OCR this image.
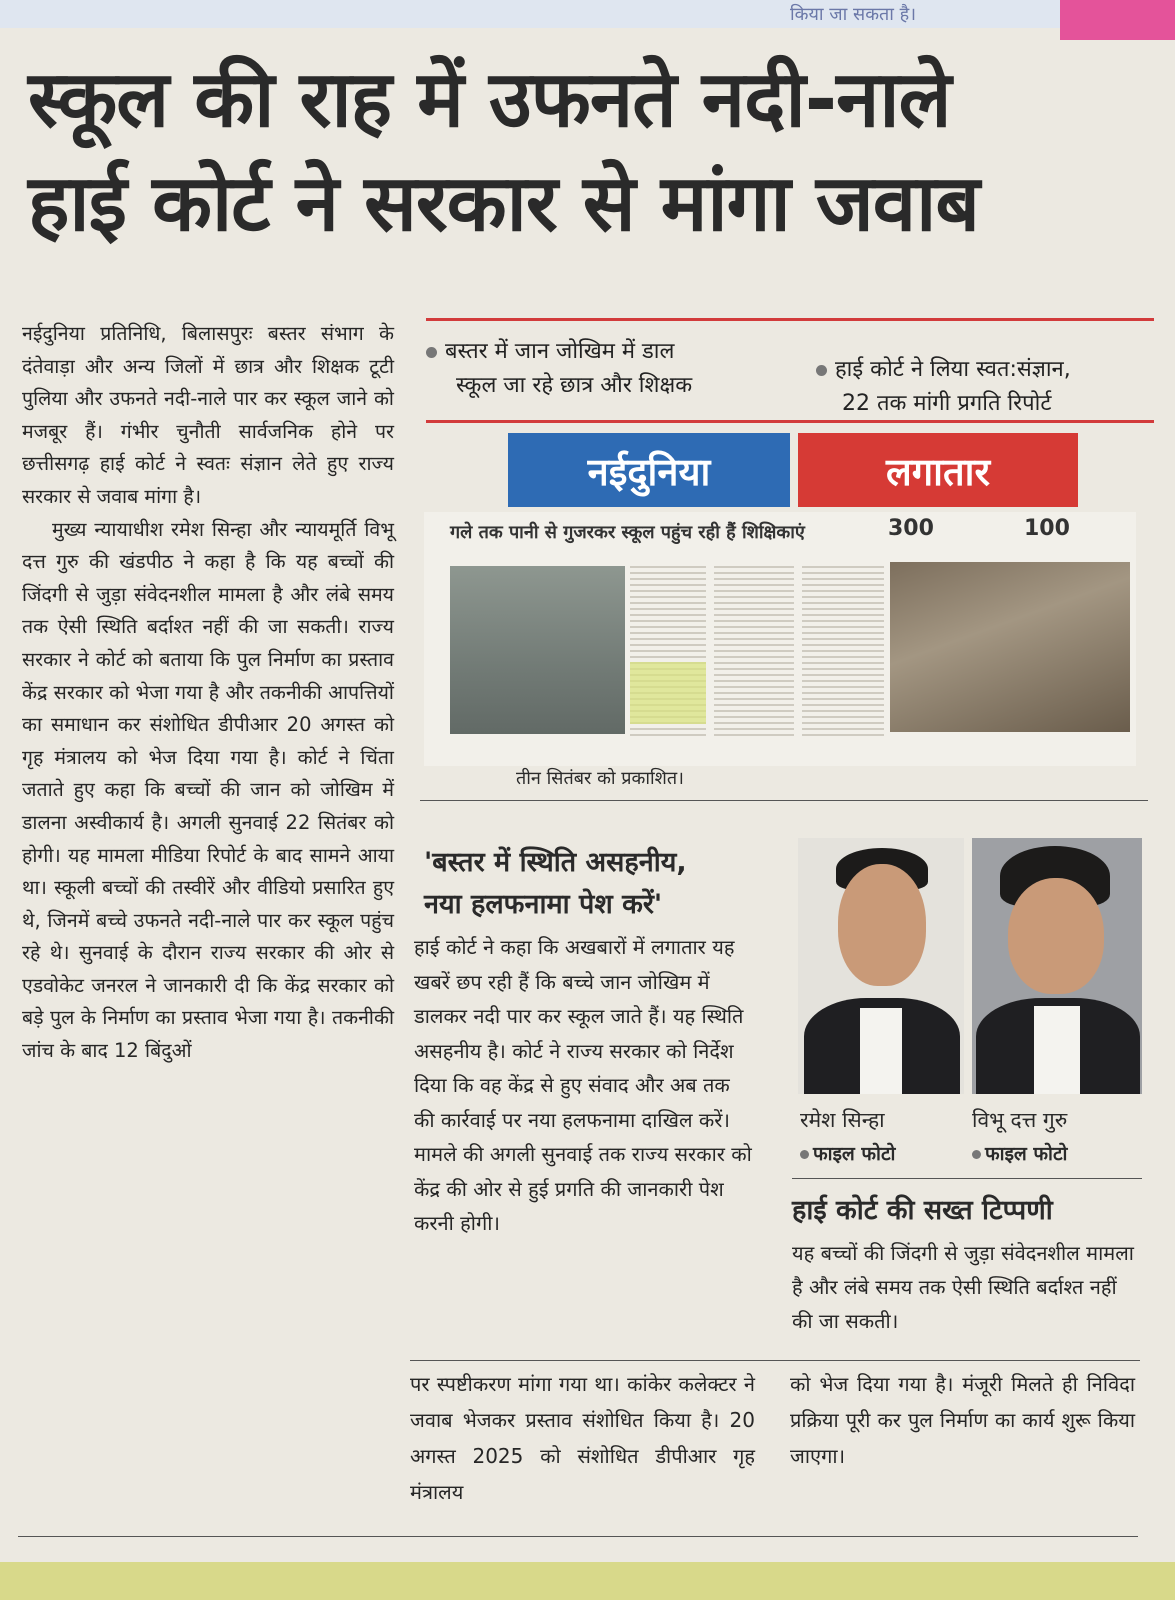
किया जा सकता है।
स्कूल की राह में उफनते नदी-नाले
हाई कोर्ट ने सरकार से मांगा जवाब

नईदुनिया प्रतिनिधि, बिलासपुरः बस्तर संभाग के दंतेवाड़ा और अन्य जिलों में छात्र और शिक्षक टूटी पुलिया और उफनते नदी-नाले पार कर स्कूल जाने को मजबूर हैं। गंभीर चुनौती सार्वजनिक होने पर छत्तीसगढ़ हाई कोर्ट ने स्वतः संज्ञान लेते हुए राज्य सरकार से जवाब मांगा है।

मुख्य न्यायाधीश रमेश सिन्हा और न्यायमूर्ति विभू दत्त गुरु की खंडपीठ ने कहा है कि यह बच्चों की जिंदगी से जुड़ा संवेदनशील मामला है और लंबे समय तक ऐसी स्थिति बर्दाश्त नहीं की जा सकती। राज्य सरकार ने कोर्ट को बताया कि पुल निर्माण का प्रस्ताव केंद्र सरकार को भेजा गया है और तकनीकी आपत्तियों का समाधान कर संशोधित डीपीआर 20 अगस्त को गृह मंत्रालय को भेज दिया गया है। कोर्ट ने चिंता जताते हुए कहा कि बच्चों की जान को जोखिम में डालना अस्वीकार्य है। अगली सुनवाई 22 सितंबर को होगी। यह मामला मीडिया रिपोर्ट के बाद सामने आया था। स्कूली बच्चों की तस्वीरें और वीडियो प्रसारित हुए थे, जिनमें बच्चे उफनते नदी-नाले पार कर स्कूल पहुंच रहे थे। सुनवाई के दौरान राज्य सरकार की ओर से एडवोकेट जनरल ने जानकारी दी कि केंद्र सरकार को बड़े पुल के निर्माण का प्रस्ताव भेजा गया है। तकनीकी जांच के बाद 12 बिंदुओं

बस्तर में जान जोखिम में डाल
स्कूल जा रहे छात्र और शिक्षक
हाई कोर्ट ने लिया स्वत:संज्ञान,
22 तक मांगी प्रगति रिपोर्ट
नईदुनिया	लगातार
गले तक पानी से गुजरकर स्कूल पहुंच रही हैं शिक्षिकाएं	300	100
तीन सितंबर को प्रकाशित।
'बस्तर में स्थिति असहनीय,
नया हलफनामा पेश करें'
हाई कोर्ट ने कहा कि अखबारों में लगातार यह खबरें छप रही हैं कि बच्चे जान जोखिम में डालकर नदी पार कर स्कूल जाते हैं। यह स्थिति असहनीय है। कोर्ट ने राज्य सरकार को निर्देश दिया कि वह केंद्र से हुए संवाद और अब तक की कार्रवाई पर नया हलफनामा दाखिल करें। मामले की अगली सुनवाई तक राज्य सरकार को केंद्र की ओर से हुई प्रगति की जानकारी पेश करनी होगी।
रमेश सिन्हा
फाइल फोटो
विभू दत्त गुरु
फाइल फोटो
हाई कोर्ट की सख्त टिप्पणी
यह बच्चों की जिंदगी से जुड़ा संवेदनशील मामला है और लंबे समय तक ऐसी स्थिति बर्दाश्त नहीं की जा सकती।
पर स्पष्टीकरण मांगा गया था। कांकेर कलेक्टर ने जवाब भेजकर प्रस्ताव संशोधित किया है। 20 अगस्त 2025 को संशोधित डीपीआर गृह मंत्रालय
को भेज दिया गया है। मंजूरी मिलते ही निविदा प्रक्रिया पूरी कर पुल निर्माण का कार्य शुरू किया जाएगा।
